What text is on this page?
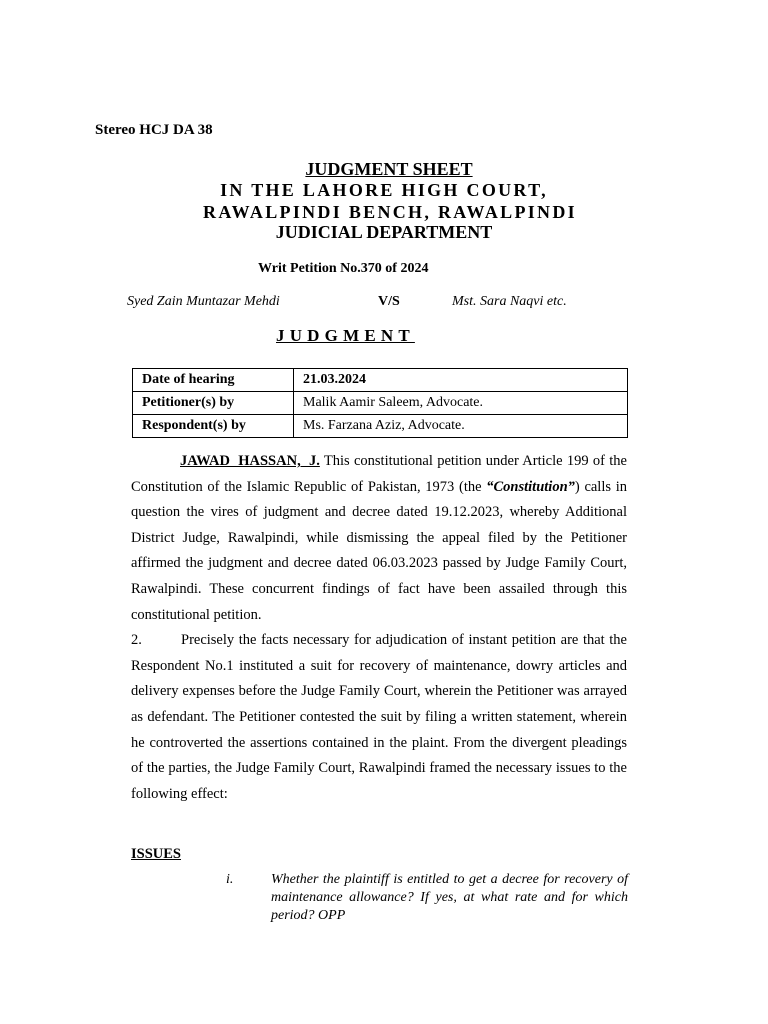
Stereo HCJ DA 38
JUDGMENT SHEET
IN THE LAHORE HIGH COURT,
RAWALPINDI BENCH, RAWALPINDI
JUDICIAL DEPARTMENT
Writ Petition No.370 of 2024
Syed Zain Muntazar Mehdi	V/S	Mst. Sara Naqvi etc.
JUDGMENT
Date of hearing	21.03.2024
Petitioner(s) by	Malik Aamir Saleem, Advocate.
Respondent(s) by	Ms. Farzana Aziz, Advocate.

JAWAD HASSAN, J. This constitutional petition under Article 199 of the Constitution of the Islamic Republic of Pakistan, 1973 (the “Constitution”) calls in question the vires of judgment and decree dated 19.12.2023, whereby Additional District Judge, Rawalpindi, while dismissing the appeal filed by the Petitioner affirmed the judgment and decree dated 06.03.2023 passed by Judge Family Court, Rawalpindi. These concurrent findings of fact have been assailed through this constitutional petition.

2.	Precisely the facts necessary for adjudication of instant petition are that the Respondent No.1 instituted a suit for recovery of maintenance, dowry articles and delivery expenses before the Judge Family Court, wherein the Petitioner was arrayed as defendant. The Petitioner contested the suit by filing a written statement, wherein he controverted the assertions contained in the plaint. From the divergent pleadings of the parties, the Judge Family Court, Rawalpindi framed the necessary issues to the following effect:

ISSUES
i.	Whether the plaintiff is entitled to get a decree for recovery of maintenance allowance? If yes, at what rate and for which period? OPP
